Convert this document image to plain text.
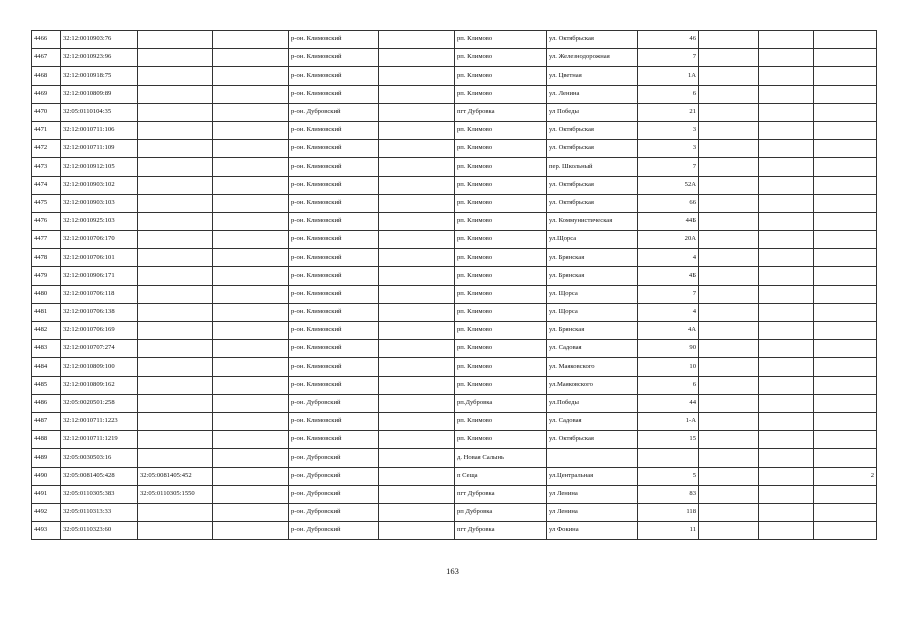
4466	32:12:0010903:76			р-он. Климовский		рп. Климово	ул. Октябрьская	46			
4467	32:12:0010923:96			р-он. Климовский		рп. Климово	ул. Железнодорожная	7			
4468	32:12:0010918:75			р-он. Климовский		рп. Климово	ул. Цветная	1А			
4469	32:12:0010809:89			р-он. Климовский		рп. Климово	ул. Ленина	6			
4470	32:05:0110104:35			р-он. Дубровский		пгт Дубровка	ул Победы	21			
4471	32:12:0010711:106			р-он. Климовский		рп. Климово	ул. Октябрьская	3			
4472	32:12:0010711:109			р-он. Климовский		рп. Климово	ул. Октябрьская	3			
4473	32:12:0010912:105			р-он. Климовский		рп. Климово	пер. Школьный	7			
4474	32:12:0010903:102			р-он. Климовский		рп. Климово	ул. Октябрьская	52А			
4475	32:12:0010903:103			р-он. Климовский		рп. Климово	ул. Октябрьская	66			
4476	32:12:0010925:103			р-он. Климовский		рп. Климово	ул. Коммунистическая	44Б			
4477	32:12:0010706:170			р-он. Климовский		рп. Климово	ул.Щорса	20А			
4478	32:12:0010706:101			р-он. Климовский		рп. Климово	ул. Брянская	4			
4479	32:12:0010906:171			р-он. Климовский		рп. Климово	ул. Брянская	4Б			
4480	32:12:0010706:118			р-он. Климовский		рп. Климово	ул. Щорса	7			
4481	32:12:0010706:138			р-он. Климовский		рп. Климово	ул. Щорса	4			
4482	32:12:0010706:169			р-он. Климовский		рп. Климово	ул. Брянская	4А			
4483	32:12:0010707:274			р-он. Климовский		рп. Климово	ул. Садовая	90			
4484	32:12:0010809:100			р-он. Климовский		рп. Климово	ул. Маяковского	10			
4485	32:12:0010809:162			р-он. Климовский		рп. Климово	ул.Маяковского	6			
4486	32:05:0020501:258			р-он. Дубровский		рп.Дубровка	ул.Победы	44			
4487	32:12:0010711:1223			р-он. Климовский		рп. Климово	ул. Садовая	1-А			
4488	32:12:0010711:1219			р-он. Климовский		рп. Климово	ул. Октябрьская	15			
4489	32:05:0030503:16			р-он. Дубровский		д. Новая Салынь					
4490	32:05:0081405:428	32:05:0081405:452		р-он. Дубровский		п Сеща	ул.Центральная	5			2
4491	32:05:0110305:383	32:05:0110305:1550		р-он. Дубровский		пгт Дубровка	ул Ленина	83			
4492	32:05:0110313:33			р-он. Дубровский		рп Дубровка	ул Ленина	118			
4493	32:05:0110323:60			р-он. Дубровский		пгт Дубровка	ул Фокина	11			
163
